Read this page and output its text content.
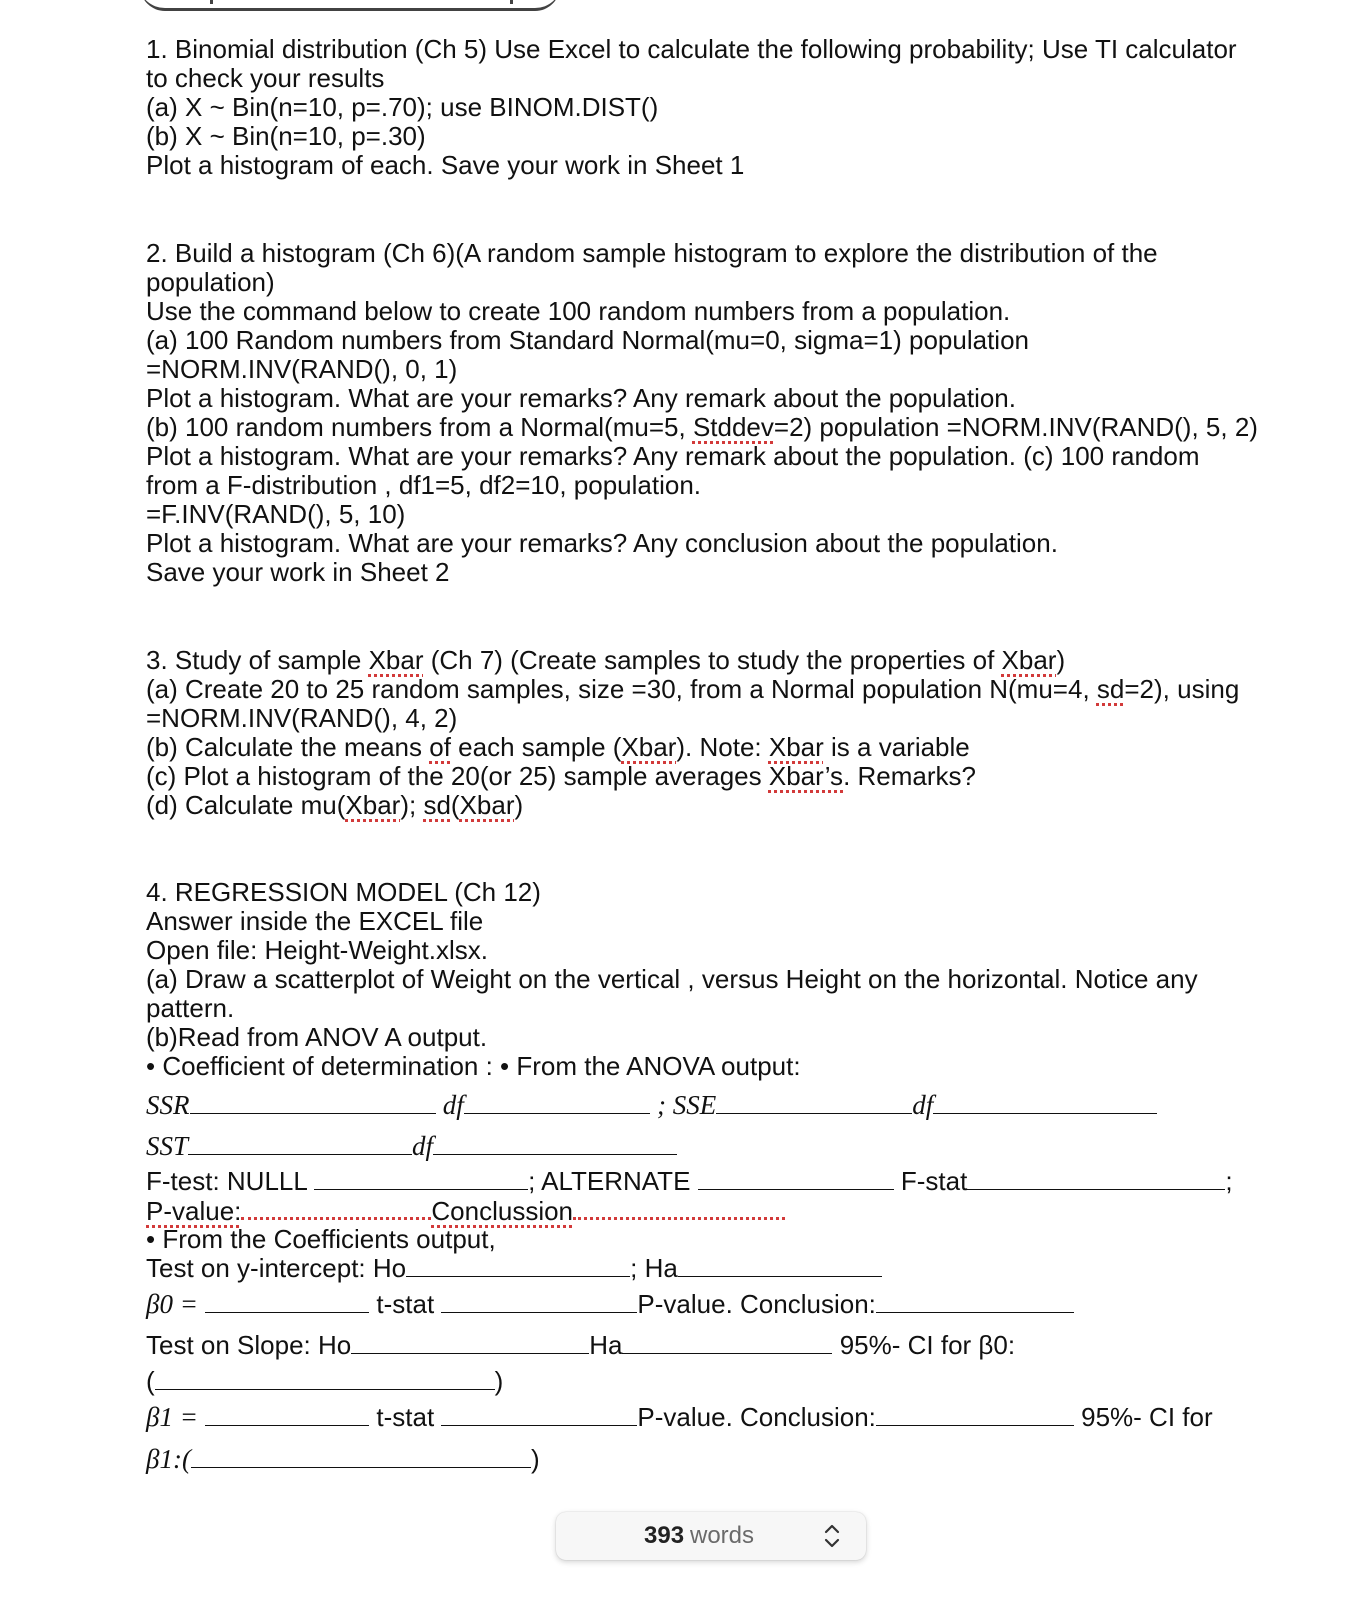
1. Binomial distribution (Ch 5) Use Excel to calculate the following probability; Use TI calculator
to check your results
(a) X ~ Bin(n=10, p=.70); use BINOM.DIST()
(b) X ~ Bin(n=10, p=.30)
Plot a histogram of each. Save your work in Sheet 1
2. Build a histogram (Ch 6)(A random sample histogram to explore the distribution of the
population)
Use the command below to create 100 random numbers from a population.
(a) 100 Random numbers from Standard Normal(mu=0, sigma=1) population
=NORM.INV(RAND(), 0, 1)
Plot a histogram. What are your remarks? Any remark about the population.
(b) 100 random numbers from a Normal(mu=5, Stddev=2) population =NORM.INV(RAND(), 5, 2)
Plot a histogram. What are your remarks? Any remark about the population. (c) 100 random
from a F-distribution , df1=5, df2=10, population.
=F.INV(RAND(), 5, 10)
Plot a histogram. What are your remarks? Any conclusion about the population.
Save your work in Sheet 2
3. Study of sample Xbar (Ch 7) (Create samples to study the properties of Xbar)
(a) Create 20 to 25 random samples, size =30, from a Normal population N(mu=4, sd=2), using
=NORM.INV(RAND(), 4, 2)
(b) Calculate the means of each sample (Xbar). Note: Xbar is a variable
(c) Plot a histogram of the 20(or 25) sample averages Xbar’s. Remarks?
(d) Calculate mu(Xbar); sd(Xbar)
4. REGRESSION MODEL (Ch 12)
Answer inside the EXCEL file
Open file: Height-Weight.xlsx.
(a) Draw a scatterplot of Weight on the vertical , versus Height on the horizontal. Notice any
pattern.
(b)Read from ANOV A output.
• Coefficient of determination : • From the ANOVA output:
SSR	df	; SSE	df
SST	df
F-test: NULLL	; ALTERNATE	F-stat	;
P-value:	Conclussion
• From the Coefficients output,
Test on y-intercept: Ho	; Ha
β0 =	t-stat	P-value. Conclusion:
Test on Slope: Ho	Ha	95%- CI for β0:
(	)
β1 =	t-stat	P-value. Conclusion:	95%- CI for
β1:(	)
393 words
